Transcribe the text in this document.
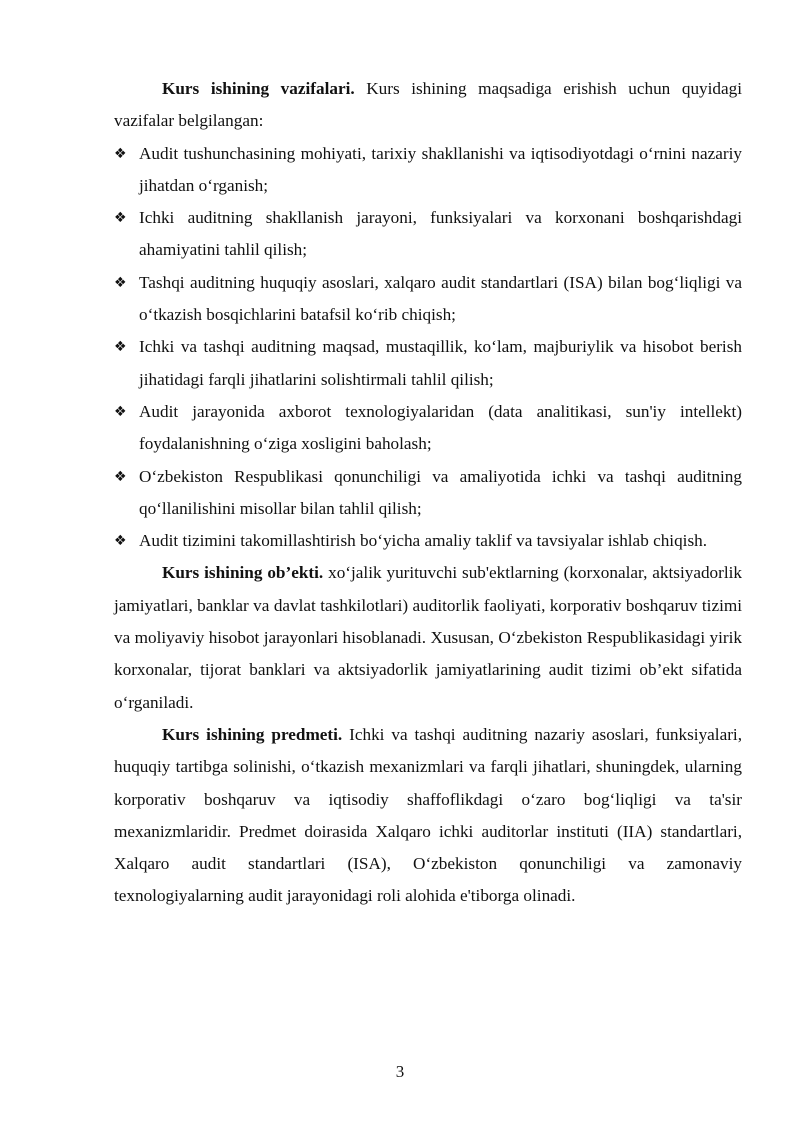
Kurs ishining vazifalari. Kurs ishining maqsadiga erishish uchun quyidagi vazifalar belgilangan:

❖ Audit tushunchasining mohiyati, tarixiy shakllanishi va iqtisodiyotdagi o‘rnini nazariy jihatdan o‘rganish;
❖ Ichki auditning shakllanish jarayoni, funksiyalari va korxonani boshqarishdagi ahamiyatini tahlil qilish;
❖ Tashqi auditning huquqiy asoslari, xalqaro audit standartlari (ISA) bilan bog‘liqligi va o‘tkazish bosqichlarini batafsil ko‘rib chiqish;
❖ Ichki va tashqi auditning maqsad, mustaqillik, ko‘lam, majburiylik va hisobot berish jihatidagi farqli jihatlarini solishtirmali tahlil qilish;
❖ Audit jarayonida axborot texnologiyalaridan (data analitikasi, sun'iy intellekt) foydalanishning o‘ziga xosligini baholash;
❖ O‘zbekiston Respublikasi qonunchiligi va amaliyotida ichki va tashqi auditning qo‘llanilishini misollar bilan tahlil qilish;
❖ Audit tizimini takomillashtirish bo‘yicha amaliy taklif va tavsiyalar ishlab chiqish.

Kurs ishining ob’ekti. xo‘jalik yurituvchi sub'ektlarning (korxonalar, aktsiyadorlik jamiyatlari, banklar va davlat tashkilotlari) auditorlik faoliyati, korporativ boshqaruv tizimi va moliyaviy hisobot jarayonlari hisoblanadi. Xususan, O‘zbekiston Respublikasidagi yirik korxonalar, tijorat banklari va aktsiyadorlik jamiyatlarining audit tizimi ob’ekt sifatida o‘rganiladi.

Kurs ishining predmeti. Ichki va tashqi auditning nazariy asoslari, funksiyalari, huquqiy tartibga solinishi, o‘tkazish mexanizmlari va farqli jihatlari, shuningdek, ularning korporativ boshqaruv va iqtisodiy shaffoflikdagi o‘zaro bog‘liqligi va ta'sir mexanizmlaridir. Predmet doirasida Xalqaro ichki auditorlar instituti (IIA) standartlari, Xalqaro audit standartlari (ISA), O‘zbekiston qonunchiligi va zamonaviy texnologiyalarning audit jarayonidagi roli alohida e'tiborga olinadi.

3
